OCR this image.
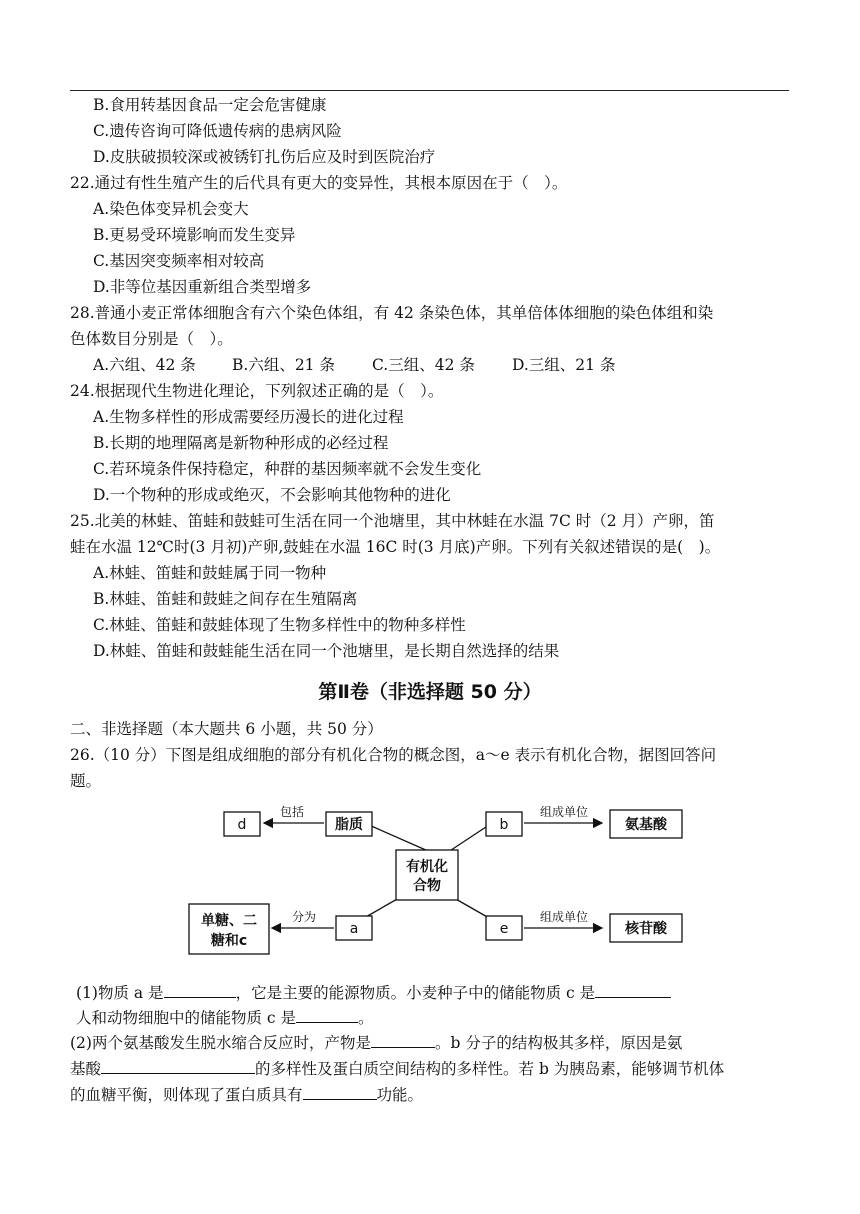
B.食用转基因食品一定会危害健康
C.遗传咨询可降低遗传病的患病风险
D.皮肤破损较深或被锈钉扎伤后应及时到医院治疗
22.通过有性生殖产生的后代具有更大的变异性，其根本原因在于（　）。
A.染色体变异机会变大
B.更易受环境影响而发生变异
C.基因突变频率相对较高
D.非等位基因重新组合类型增多
28.普通小麦正常体细胞含有六个染色体组，有 42 条染色体，其单倍体体细胞的染色体组和染
色体数目分别是（　）。
A.六组、42 条 B.六组、21 条 C.三组、42 条 D.三组、21 条
24.根据现代生物进化理论，下列叙述正确的是（　）。
A.生物多样性的形成需要经历漫长的进化过程
B.长期的地理隔离是新物种形成的必经过程
C.若环境条件保持稳定，种群的基因频率就不会发生变化
D.一个物种的形成或绝灭，不会影响其他物种的进化
25.北美的林蛙、笛蛙和鼓蛙可生活在同一个池塘里，其中林蛙在水温 7C 时（2 月）产卵，笛
蛙在水温 12℃时(3 月初)产卵,鼓蛙在水温 16C 时(3 月底)产卵。下列有关叙述错误的是(　)。
A.林蛙、笛蛙和鼓蛙属于同一物种
B.林蛙、笛蛙和鼓蛙之间存在生殖隔离
C.林蛙、笛蛙和鼓蛙体现了生物多样性中的物种多样性
D.林蛙、笛蛙和鼓蛙能生活在同一个池塘里，是长期自然选择的结果
第Ⅱ卷（非选择题 50 分）
二、非选择题（本大题共 6 小题，共 50 分）
26.（10 分）下图是组成细胞的部分有机化合物的概念图，a～e 表示有机化合物，据图回答问
题。
d	脂质
包括
b
组成单位
氨基酸
有机化
合物
单糖、二
糖和c
分为
a	e
组成单位
核苷酸
(1)物质 a 是	，它是主要的能源物质。小麦种子中的储能物质 c 是
人和动物细胞中的储能物质 c 是	。
(2)两个氨基酸发生脱水缩合反应时，产物是	。b 分子的结构极其多样，原因是氨
基酸	的多样性及蛋白质空间结构的多样性。若 b 为胰岛素，能够调节机体
的血糖平衡，则体现了蛋白质具有	功能。
